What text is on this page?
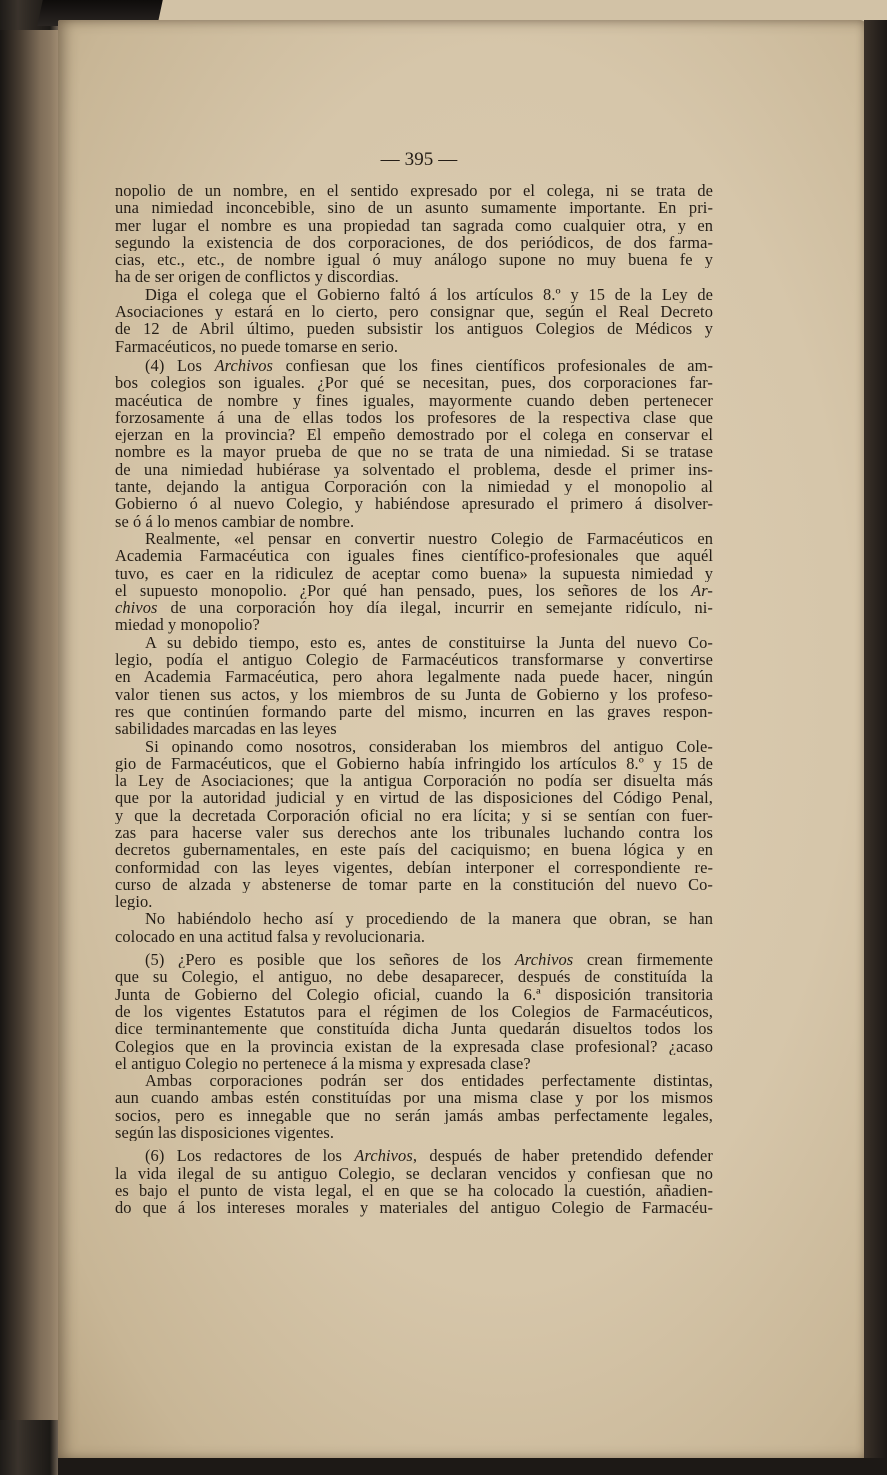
— 395 —

nopolio de un nombre, en el sentido expresado por el colega, ni se trata de
una nimiedad inconcebible, sino de un asunto sumamente importante. En pri-
mer lugar el nombre es una propiedad tan sagrada como cualquier otra, y en
segundo la existencia de dos corporaciones, de dos periódicos, de dos farma-
cias, etc., etc., de nombre igual ó muy análogo supone no muy buena fe y
ha de ser origen de conflictos y discordias.

Diga el colega que el Gobierno faltó á los artículos 8.º y 15 de la Ley de
Asociaciones y estará en lo cierto, pero consignar que, según el Real Decreto
de 12 de Abril último, pueden subsistir los antiguos Colegios de Médicos y
Farmacéuticos, no puede tomarse en serio.

(4) Los Archivos confiesan que los fines científicos profesionales de am-
bos colegios son iguales. ¿Por qué se necesitan, pues, dos corporaciones far-
macéutica de nombre y fines iguales, mayormente cuando deben pertenecer
forzosamente á una de ellas todos los profesores de la respectiva clase que
ejerzan en la provincia? El empeño demostrado por el colega en conservar el
nombre es la mayor prueba de que no se trata de una nimiedad. Si se tratase
de una nimiedad hubiérase ya solventado el problema, desde el primer ins-
tante, dejando la antigua Corporación con la nimiedad y el monopolio al
Gobierno ó al nuevo Colegio, y habiéndose apresurado el primero á disolver-
se ó á lo menos cambiar de nombre.

Realmente, «el pensar en convertir nuestro Colegio de Farmacéuticos en
Academia Farmacéutica con iguales fines científico-profesionales que aquél
tuvo, es caer en la ridiculez de aceptar como buena» la supuesta nimiedad y
el supuesto monopolio. ¿Por qué han pensado, pues, los señores de los Ar-
chivos de una corporación hoy día ilegal, incurrir en semejante ridículo, ni-
miedad y monopolio?

A su debido tiempo, esto es, antes de constituirse la Junta del nuevo Co-
legio, podía el antiguo Colegio de Farmacéuticos transformarse y convertirse
en Academia Farmacéutica, pero ahora legalmente nada puede hacer, ningún
valor tienen sus actos, y los miembros de su Junta de Gobierno y los profeso-
res que continúen formando parte del mismo, incurren en las graves respon-
sabilidades marcadas en las leyes

Si opinando como nosotros, consideraban los miembros del antiguo Cole-
gio de Farmacéuticos, que el Gobierno había infringido los artículos 8.º y 15 de
la Ley de Asociaciones; que la antigua Corporación no podía ser disuelta más
que por la autoridad judicial y en virtud de las disposiciones del Código Penal,
y que la decretada Corporación oficial no era lícita; y si se sentían con fuer-
zas para hacerse valer sus derechos ante los tribunales luchando contra los
decretos gubernamentales, en este país del caciquismo; en buena lógica y en
conformidad con las leyes vigentes, debían interponer el correspondiente re-
curso de alzada y abstenerse de tomar parte en la constitución del nuevo Co-
legio.

No habiéndolo hecho así y procediendo de la manera que obran, se han
colocado en una actitud falsa y revolucionaria.

(5) ¿Pero es posible que los señores de los Archivos crean firmemente
que su Colegio, el antiguo, no debe desaparecer, después de constituída la
Junta de Gobierno del Colegio oficial, cuando la 6.ª disposición transitoria
de los vigentes Estatutos para el régimen de los Colegios de Farmacéuticos,
dice terminantemente que constituída dicha Junta quedarán disueltos todos los
Colegios que en la provincia existan de la expresada clase profesional? ¿acaso
el antiguo Colegio no pertenece á la misma y expresada clase?

Ambas corporaciones podrán ser dos entidades perfectamente distintas,
aun cuando ambas estén constituídas por una misma clase y por los mismos
socios, pero es innegable que no serán jamás ambas perfectamente legales,
según las disposiciones vigentes.

(6) Los redactores de los Archivos, después de haber pretendido defender
la vida ilegal de su antiguo Colegio, se declaran vencidos y confiesan que no
es bajo el punto de vista legal, el en que se ha colocado la cuestión, añadien-
do que á los intereses morales y materiales del antiguo Colegio de Farmacéu-
